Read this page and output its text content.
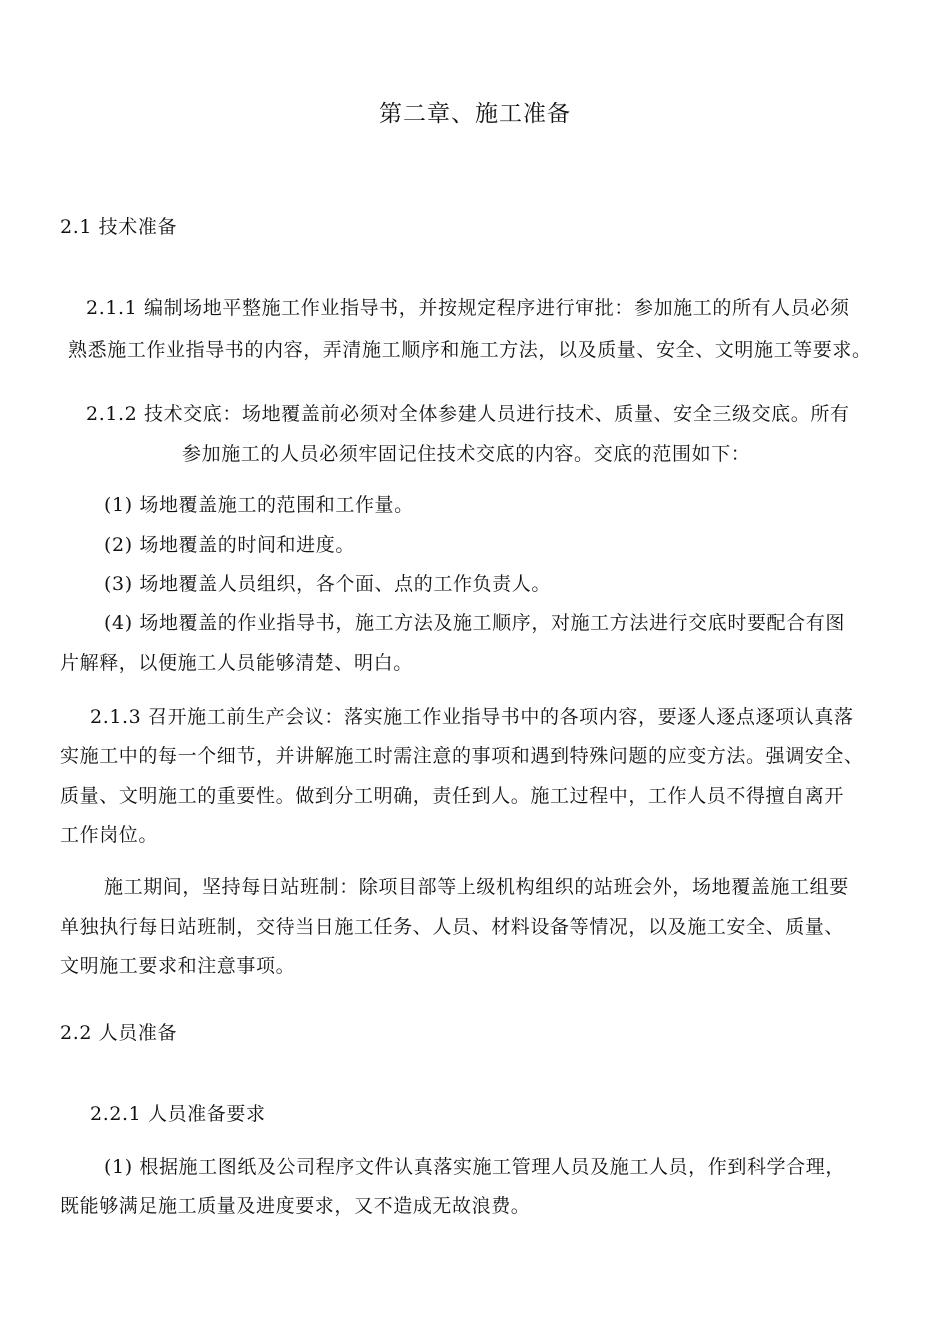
第二章、施工准备
2.1 技术准备
2.1.1 编制场地平整施工作业指导书，并按规定程序进行审批：参加施工的所有人员必须
熟悉施工作业指导书的内容，弄清施工顺序和施工方法，以及质量、安全、文明施工等要求。
2.1.2 技术交底：场地覆盖前必须对全体参建人员进行技术、质量、安全三级交底。所有
参加施工的人员必须牢固记住技术交底的内容。交底的范围如下：
(1) 场地覆盖施工的范围和工作量。
(2) 场地覆盖的时间和进度。
(3) 场地覆盖人员组织，各个面、点的工作负责人。
(4) 场地覆盖的作业指导书，施工方法及施工顺序，对施工方法进行交底时要配合有图
片解释，以便施工人员能够清楚、明白。
2.1.3 召开施工前生产会议：落实施工作业指导书中的各项内容，要逐人逐点逐项认真落
实施工中的每一个细节，并讲解施工时需注意的事项和遇到特殊问题的应变方法。强调安全、
质量、文明施工的重要性。做到分工明确，责任到人。施工过程中，工作人员不得擅自离开
工作岗位。
施工期间，坚持每日站班制：除项目部等上级机构组织的站班会外，场地覆盖施工组要
单独执行每日站班制，交待当日施工任务、人员、材料设备等情况，以及施工安全、质量、
文明施工要求和注意事项。
2.2 人员准备
2.2.1 人员准备要求
(1) 根据施工图纸及公司程序文件认真落实施工管理人员及施工人员，作到科学合理，
既能够满足施工质量及进度要求，又不造成无故浪费。
